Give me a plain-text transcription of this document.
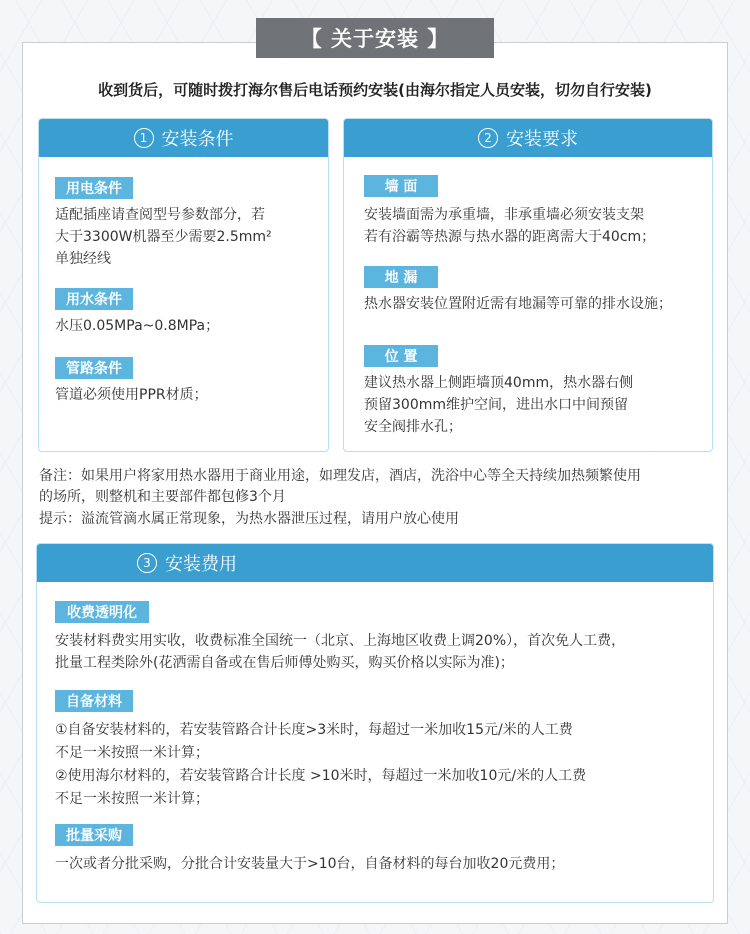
【 关于安装 】
收到货后，可随时拨打海尔售后电话预约安装(由海尔指定人员安装，切勿自行安装)
1 安装条件
用电条件
适配插座请查阅型号参数部分，若
大于3300W机器至少需要2.5mm²
单独经线
用水条件
水压0.05MPa~0.8MPa；
管路条件
管道必须使用PPR材质；
2 安装要求
墙 面
安装墙面需为承重墙，非承重墙必须安装支架
若有浴霸等热源与热水器的距离需大于40cm；
地 漏
热水器安装位置附近需有地漏等可靠的排水设施；
位 置
建议热水器上侧距墙顶40mm，热水器右侧
预留300mm维护空间，进出水口中间预留
安全阀排水孔；
备注：如果用户将家用热水器用于商业用途，如理发店，酒店，洗浴中心等全天持续加热频繁使用
的场所，则整机和主要部件都包修3个月
提示：溢流管滴水属正常现象，为热水器泄压过程，请用户放心使用
3 安装费用
收费透明化
安装材料费实用实收，收费标准全国统一（北京、上海地区收费上调20%），首次免人工费，
批量工程类除外(花洒需自备或在售后师傅处购买，购买价格以实际为准)；
自备材料
①自备安装材料的，若安装管路合计长度>3米时，每超过一米加收15元/米的人工费
不足一米按照一米计算；
②使用海尔材料的，若安装管路合计长度 >10米时，每超过一米加收10元/米的人工费
不足一米按照一米计算；
批量采购
一次或者分批采购，分批合计安装量大于>10台，自备材料的每台加收20元费用；
